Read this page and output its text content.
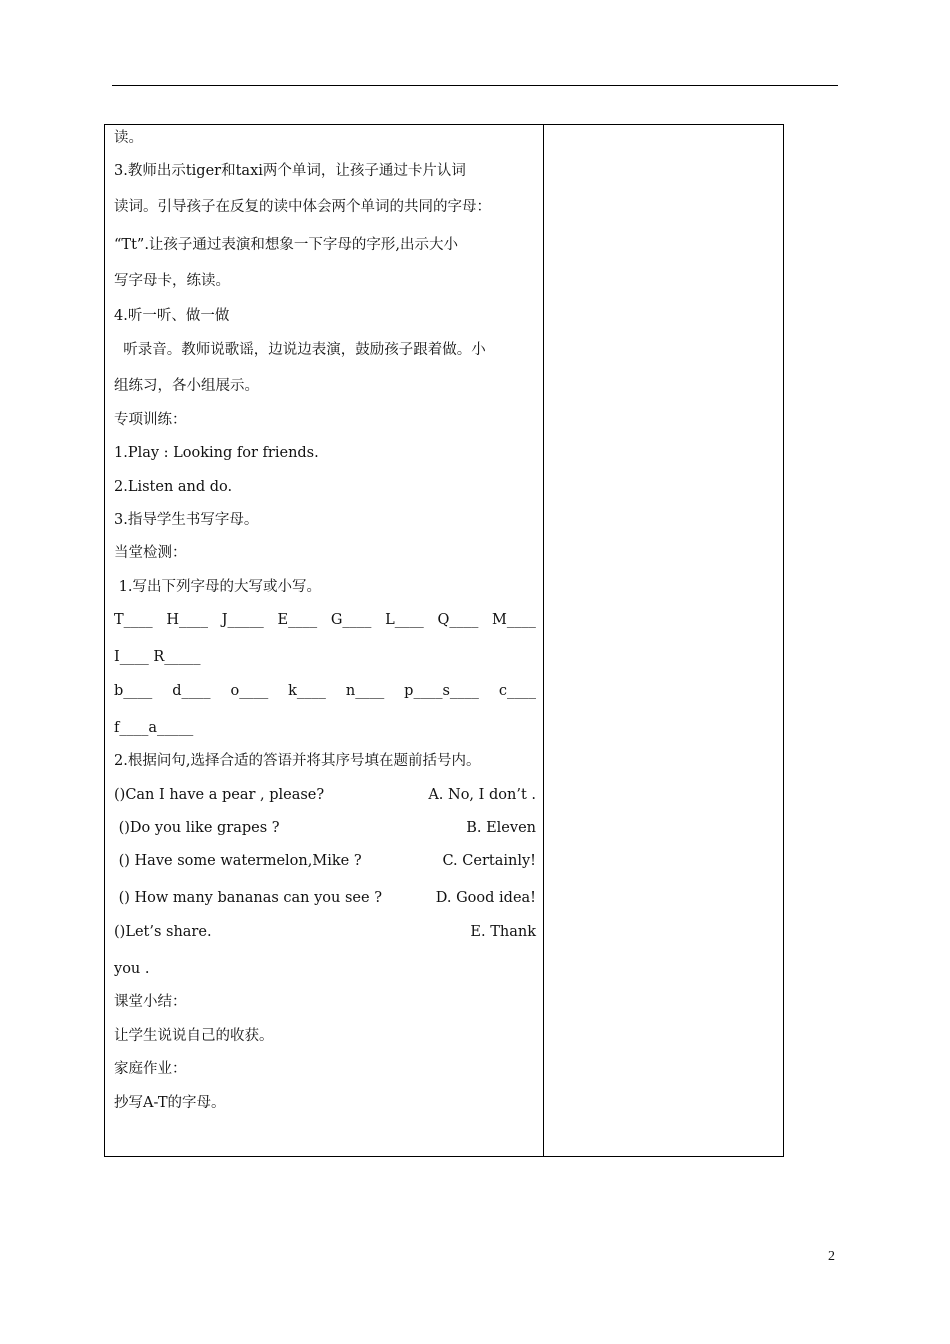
读。
3.教师出示tiger和taxi两个单词，让孩子通过卡片认词
读词。引导孩子在反复的读中体会两个单词的共同的字母：
“Tt”.让孩子通过表演和想象一下字母的字形,出示大小
写字母卡，练读。
4.听一听、做一做
听录音。教师说歌谣，边说边表演，鼓励孩子跟着做。小
组练习，各小组展示。
专项训练：
1.Play : Looking for friends.
2.Listen and do.
3.指导学生书写字母。
当堂检测：
1.写出下列字母的大写或小写。
T____ H____ J_____ E____ G____ L____ Q____ M____
I____ R_____
b____ d____ o____ k____ n____ p____s____ c____
f____a_____
2.根据问句,选择合适的答语并将其序号填在题前括号内。
()Can I have a pear , please?	A. No, I don’t .
()Do you like grapes ?	B. Eleven
() Have some watermelon,Mike ?	C. Certainly!
() How many bananas can you see ?	D. Good idea!
()Let’s share.	E. Thank
you .
课堂小结：
让学生说说自己的收获。
家庭作业：
抄写A-T的字母。
2
